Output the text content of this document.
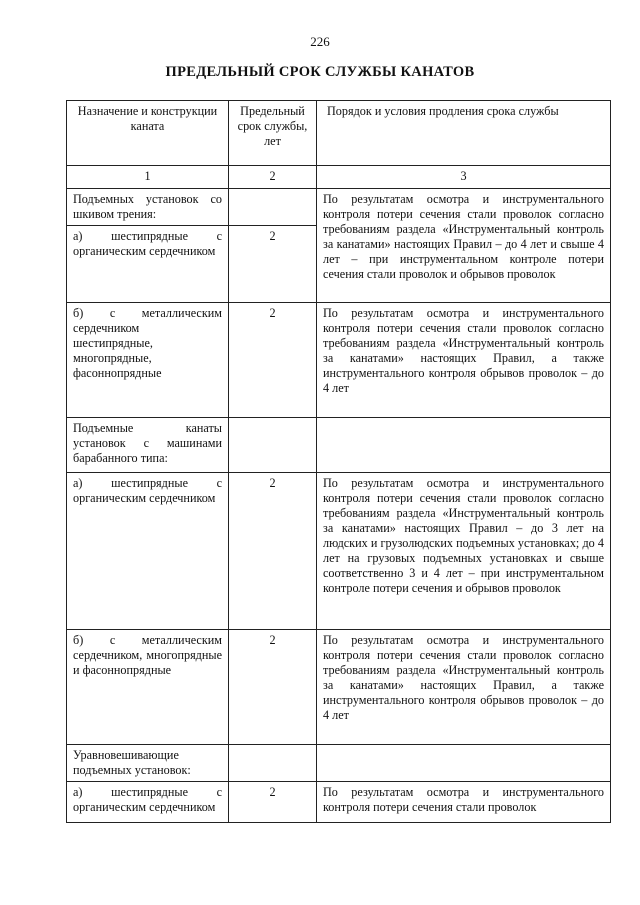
226
ПРЕДЕЛЬНЫЙ СРОК СЛУЖБЫ КАНАТОВ
Назначение и конструкции каната	Предельный срок службы, лет	Порядок и условия продления срока службы
1	2	3
Подъемных установок со шкивом трения:		По результатам осмотра и инструментального контроля потери сечения стали проволок согласно требованиям раздела «Инструментальный контроль за канатами» настоящих Правил – до 4 лет и свыше 4 лет – при инструментальном контроле потери сечения стали проволок и обрывов проволок
а) шестипрядные с органическим сердечником	2	
б) с металлическим сердечником шестипрядные, многопрядные, фасоннопрядные	2	По результатам осмотра и инструментального контроля потери сечения стали проволок согласно требованиям раздела «Инструментальный контроль за канатами» настоящих Правил, а также инструментального контроля обрывов проволок – до 4 лет
Подъемные канаты установок с машинами барабанного типа:		
а) шестипрядные с органическим сердечником	2	По результатам осмотра и инструментального контроля потери сечения стали проволок согласно требованиям раздела «Инструментальный контроль за канатами» настоящих Правил – до 3 лет на людских и грузолюдских подъемных установках; до 4 лет на грузовых подъемных установках и свыше соответственно 3 и 4 лет – при инструментальном контроле потери сечения и обрывов проволок
б) с металлическим сердечником, многопрядные и фасоннопрядные	2	По результатам осмотра и инструментального контроля потери сечения стали проволок согласно требованиям раздела «Инструментальный контроль за канатами» настоящих Правил, а также инструментального контроля обрывов проволок – до 4 лет
Уравновешивающие подъемных установок:		
а) шестипрядные с органическим сердечником	2	По результатам осмотра и инструментального контроля потери сечения стали проволок
